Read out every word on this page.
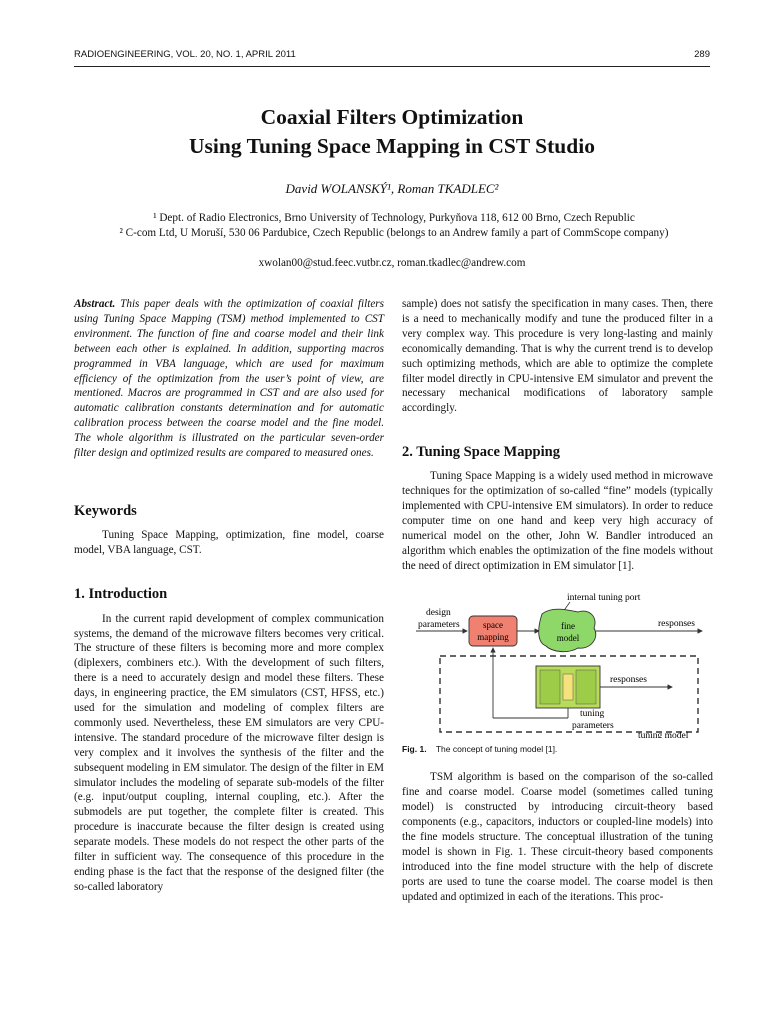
RADIOENGINEERING, VOL. 20, NO. 1, APRIL 2011	289
Coaxial Filters Optimization
Using Tuning Space Mapping in CST Studio
David WOLANSKÝ¹, Roman TKADLEC²
¹ Dept. of Radio Electronics, Brno University of Technology, Purkyňova 118, 612 00 Brno, Czech Republic
² C-com Ltd, U Moruší, 530 06 Pardubice, Czech Republic (belongs to an Andrew family a part of CommScope company)
xwolan00@stud.feec.vutbr.cz, roman.tkadlec@andrew.com

Abstract. This paper deals with the optimization of coaxial filters using Tuning Space Mapping (TSM) method implemented to CST environment. The function of fine and coarse model and their link between each other is explained. In addition, supporting macros programmed in VBA language, which are used for maximum efficiency of the optimization from the user’s point of view, are mentioned. Macros are programmed in CST and are also used for automatic calibration constants determination and for automatic calibration process between the coarse model and the fine model. The whole algorithm is illustrated on the particular seven-order filter design and optimized results are compared to measured ones.

Keywords

Tuning Space Mapping, optimization, fine model, coarse model, VBA language, CST.

1. Introduction

In the current rapid development of complex communication systems, the demand of the microwave filters becomes very critical. The structure of these filters is becoming more and more complex (diplexers, combiners etc.). With the development of such filters, there is a need to accurately design and model these filters. These days, in engineering practice, the EM simulators (CST, HFSS, etc.) used for the simulation and modeling of complex filters are commonly used. Nevertheless, these EM simulators are very CPU-intensive. The standard procedure of the microwave filter design is very complex and it involves the synthesis of the filter and the subsequent modeling in EM simulator. The design of the filter in EM simulator includes the modeling of separate sub-models of the filter (e.g. input/output coupling, internal coupling, etc.). After the submodels are put together, the complete filter is created. This procedure is inaccurate because the filter design is created using separate models. These models do not respect the other parts of the filter in sufficient way. The consequence of this procedure in the ending phase is the fact that the response of the designed filter (the so-called laboratory

sample) does not satisfy the specification in many cases. Then, there is a need to mechanically modify and tune the produced filter in a very complex way. This procedure is very long-lasting and mainly economically demanding. That is why the current trend is to develop such optimizing methods, which are able to optimize the complete filter model directly in CPU-intensive EM simulator and prevent the necessary mechanical modifications of laboratory sample accordingly.

2. Tuning Space Mapping

Tuning Space Mapping is a widely used method in microwave techniques for the optimization of so-called “fine” models (typically implemented with CPU-intensive EM simulators). In order to reduce computer time on one hand and keep very high accuracy of numerical model on the other, John W. Bandler introduced an algorithm which enables the optimization of the fine models without the need of direct optimization in EM simulator [1].

internal tuning port
design
parameters	space
mapping
fine
model
responses
responses
tuning
parameters
tuning model
Fig. 1. The concept of tuning model [1].

TSM algorithm is based on the comparison of the so-called fine and coarse model. Coarse model (sometimes called tuning model) is constructed by introducing circuit-theory based components (e.g., capacitors, inductors or coupled-line models) into the fine models structure. The conceptual illustration of the tuning model is shown in Fig. 1. These circuit-theory based components introduced into the fine model structure with the help of discrete ports are used to tune the coarse model. The coarse model is then updated and optimized in each of the iterations. This proc-
